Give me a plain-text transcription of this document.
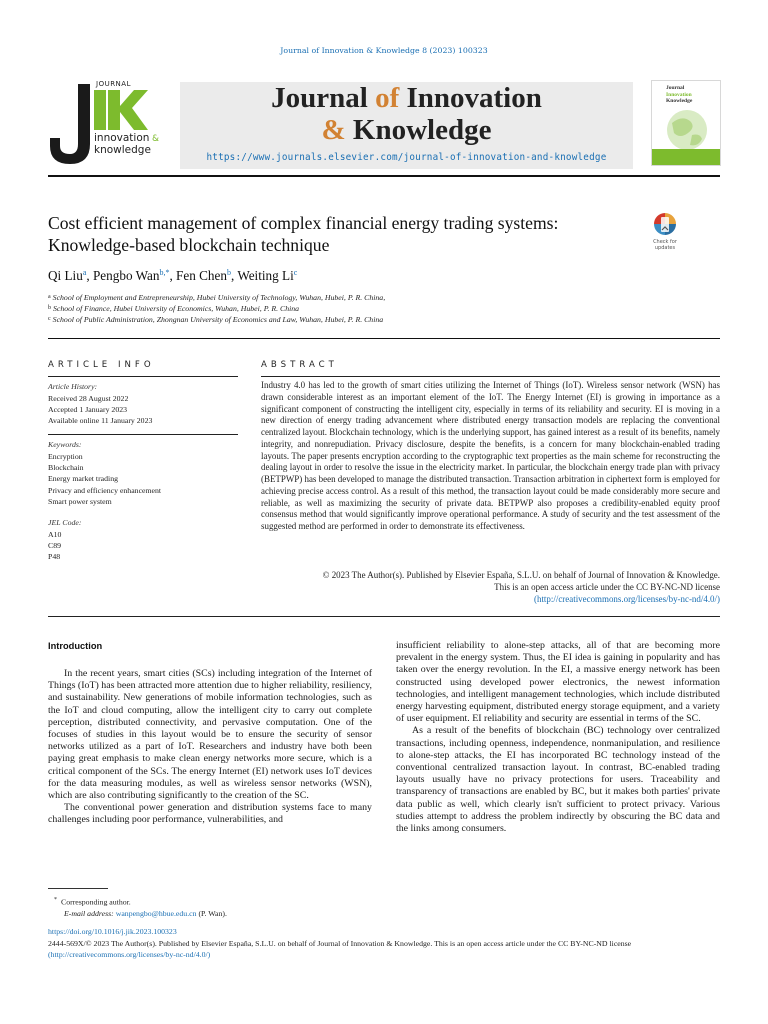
Journal of Innovation & Knowledge 8 (2023) 100323
JOURNAL
innovation &
knowledge
Journal of Innovation
& Knowledge
https://www.journals.elsevier.com/journal-of-innovation-and-knowledge
Journal
Innovation
Knowledge
Cost efficient management of complex financial energy trading systems:
Knowledge-based blockchain technique	Check for
updates
Qi Liu$^a$, Pengbo Wan$^{b,*}$, Fen Chen$^b$, Weiting Li$^c$
$^a$ School of Employment and Entrepreneurship, Hubei University of Technology, Wuhan, Hubei, P. R. China,
$^b$ School of Finance, Hubei University of Economics, Wuhan, Hubei, P. R. China
$^c$ School of Public Administration, Zhongnan University of Economics and Law, Wuhan, Hubei, P. R. China
ARTICLE INFO
Article History:
Received 28 August 2022
Accepted 1 January 2023
Available online 11 January 2023
Keywords:
Encryption
Blockchain
Energy market trading
Privacy and efficiency enhancement
Smart power system
JEL Code:
A10
C89
P48
ABSTRACT
Industry 4.0 has led to the growth of smart cities utilizing the Internet of Things (IoT). Wireless sensor network (WSN) has drawn considerable interest as an important element of the IoT. The Energy Internet (EI) is growing in importance as a significant component of constructing the intelligent city, especially in terms of its reliability and security. EI is moving in a new direction of energy trading advancement where distributed energy transaction models are replacing the conventional centralized layout. Blockchain technology, which is the underlying support, has gained interest as a result of its benefits, namely integrity, and nonrepudiation. Privacy disclosure, despite the benefits, is a concern for many blockchain-enabled trading layouts. The paper presents encryption according to the cryptographic text properties as the main scheme for reconstructing the dealing layout in order to resolve the issue in the electricity market. In particular, the blockchain energy trade plan with privacy (BETPWP) has been developed to manage the distributed transaction. Transaction arbitration in ciphertext form is employed for achieving precise access control. As a result of this method, the transaction layout could be made considerably more secure and reliable, as well as maximizing the security of private data. BETPWP also proposes a credibility-enabled equity proof consensus method that would significantly improve operational performance. A study of security and the test assessment of the suggested method are performed in order to demonstrate its effectiveness.
© 2023 The Author(s). Published by Elsevier España, S.L.U. on behalf of Journal of Innovation & Knowledge.
This is an open access article under the CC BY-NC-ND license
(http://creativecommons.org/licenses/by-nc-nd/4.0/)
Introduction

In the recent years, smart cities (SCs) including integration of the Internet of Things (IoT) has been attracted more attention due to higher reliability, resiliency, and sustainability. New generations of mobile information technologies, such as the IoT and cloud computing, allow the intelligent city to carry out complete perception, distributed connectivity, and pervasive computation. One of the focuses of studies in this layout would be to ensure the security of sensor networks utilized as a part of IoT. Researchers and industry have both been paying great emphasis to make clean energy networks more secure, which is a critical component of the SCs. The energy Internet (EI) network uses IoT devices for the data measuring modules, as well as wireless sensor networks (WSN), which are also contributing significantly to the creation of the SC.

The conventional power generation and distribution systems face to many challenges including poor performance, vulnerabilities, and

insufficient reliability to alone-step attacks, all of that are becoming more prevalent in the energy system. Thus, the EI idea is gaining in popularity and has taken over the energy revolution. In the EI, a massive energy network has been constructed using developed power electronics, the newest information technologies, and intelligent management technologies, which include distributed energy harvesting equipment, distributed energy storage equipment, and a variety of user equipment. EI reliability and security are essential in terms of the SC.

As a result of the benefits of blockchain (BC) technology over centralized transactions, including openness, independence, nonmanipulation, and resilience to alone-step attacks, the EI has incorporated BC technology instead of the conventional centralized transaction layout. In contrast, BC-enabled trading layouts usually have no privacy protections for users. Traceability and transparency of transactions are enabled by BC, but it makes both parties' private data public as well, which clearly isn't sufficient to protect privacy. Various studies attempt to address the problem indirectly by obscuring the BC data and the links among consumers.

* Corresponding author.
E-mail address: wanpengbo@hbue.edu.cn (P. Wan).
https://doi.org/10.1016/j.jik.2023.100323
2444-569X/© 2023 The Author(s). Published by Elsevier España, S.L.U. on behalf of Journal of Innovation & Knowledge. This is an open access article under the CC BY-NC-ND license
(http://creativecommons.org/licenses/by-nc-nd/4.0/)
